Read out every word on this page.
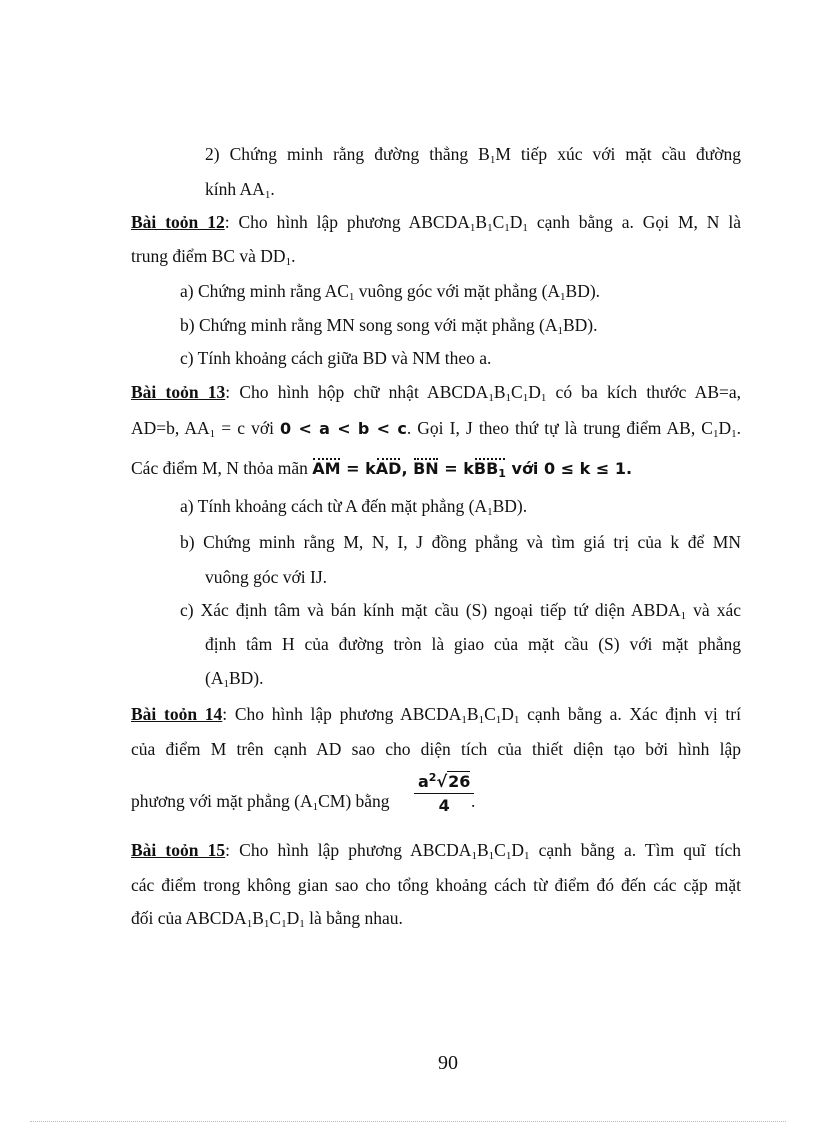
2) Chứng minh rằng đường thẳng $B_1M$ tiếp xúc với mặt cầu đường
kính $AA_1$.
Bài toỏn 12: Cho hình lập phương $ABCDA_1B_1C_1D_1$ cạnh bằng a. Gọi M, N là
trung điểm BC và $DD_1$.
a) Chứng minh rằng $AC_1$ vuông góc với mặt phẳng $(A_1BD)$.
b) Chứng minh rằng MN song song với mặt phẳng $(A_1BD)$.
c) Tính khoảng cách giữa BD và NM theo a.
Bài toỏn 13: Cho hình hộp chữ nhật $ABCDA_1B_1C_1D_1$ có ba kích thước AB=a,
AD=b, $AA_1 = c$ với 0 < a < b < c. Gọi I, J theo thứ tự là trung điểm AB, $C_1D_1$.
Các điểm M, N thỏa mãn AM = kAD, BN = kBB$_1$ với 0 ≤ k ≤ 1.
a) Tính khoảng cách từ A đến mặt phẳng $(A_1BD)$.
b) Chứng minh rằng M, N, I, J đồng phẳng và tìm giá trị của k để MN
vuông góc với IJ.
c) Xác định tâm và bán kính mặt cầu (S) ngoại tiếp tứ diện $ABDA_1$ và xác
định tâm H của đường tròn là giao của mặt cầu (S) với mặt phẳng
$(A_1BD)$.
Bài toỏn 14: Cho hình lập phương $ABCDA_1B_1C_1D_1$ cạnh bằng a. Xác định vị trí
của điểm M trên cạnh AD sao cho diện tích của thiết diện tạo bởi hình lập
phương với mặt phẳng $(A_1CM)$ bằng $\frac{a^2√26}{4}$
.
Bài toỏn 15: Cho hình lập phương $ABCDA_1B_1C_1D_1$ cạnh bằng a. Tìm quĩ tích
các điểm trong không gian sao cho tổng khoảng cách từ điểm đó đến các cặp mặt
đối của $ABCDA_1B_1C_1D_1$ là bằng nhau.
90
